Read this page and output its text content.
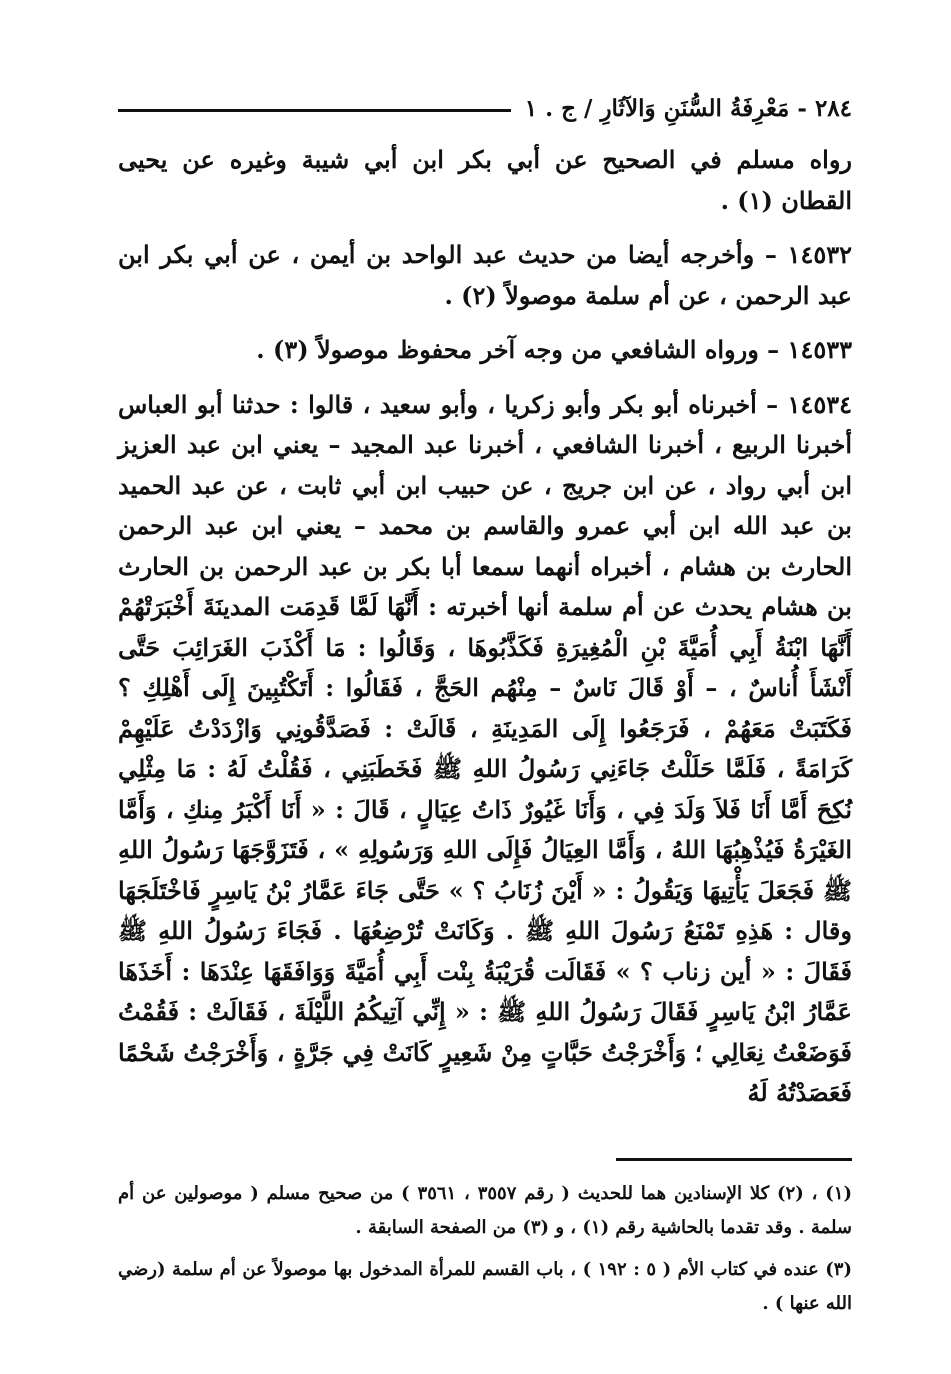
٢٨٤
- مَعْرِفَةُ السُّنَنِ وَالآثَارِ / ج . ١

رواه مسلم في الصحيح عن أبي بكر ابن أبي شيبة وغيره عن يحيى القطان (١) .

١٤٥٣٢ – وأخرجه أيضا من حديث عبد الواحد بن أيمن ، عن أبي بكر ابن عبد الرحمن ، عن أم سلمة موصولاً (٢) .

١٤٥٣٣ – ورواه الشافعي من وجه آخر محفوظ موصولاً (٣) .

١٤٥٣٤ – أخبرناه أبو بكر وأبو زكريا ، وأبو سعيد ، قالوا : حدثنا أبو العباس أخبرنا الربيع ، أخبرنا الشافعي ، أخبرنا عبد المجيد – يعني ابن عبد العزيز ابن أبي رواد ، عن ابن جريج ، عن حبيب ابن أبي ثابت ، عن عبد الحميد بن عبد الله ابن أبي عمرو والقاسم بن محمد – يعني ابن عبد الرحمن الحارث بن هشام ، أخبراه أنهما سمعا أبا بكر بن عبد الرحمن بن الحارث بن هشام يحدث عن أم سلمة أنها أخبرته : أَنَّهَا لَمَّا قَدِمَت المدينَةَ أَخْبَرَتْهُمْ أَنَّهَا ابْنَةُ أَبِي أُمَيَّةَ بْنِ الْمُغِيرَةِ فَكَذَّبُوهَا ، وَقَالُوا : مَا أَكْذَبَ الغَرَائِبَ حَتَّى أَنْشَأَ أُناسٌ ، – أَوْ قَالَ نَاسٌ – مِنْهُم الحَجَّ ، فَقَالُوا : أَتَكْتُبِينَ إِلَى أَهْلِكِ ؟ فَكَتَبَتْ مَعَهُمْ ، فَرَجَعُوا إِلَى المَدِينَةِ ، قَالَتْ : فَصَدَّقُونِي وَازْدَدْتُ عَلَيْهِمْ كَرَامَةً ، فَلَمَّا حَلَلْتُ جَاءَنِي رَسُولُ اللهِ ﷺ فَخَطَبَنِي ، فَقُلْتُ لَهُ : مَا مِثْلِي نُكِحَ أَمَّا أَنَا فَلاَ وَلَدَ فِي ، وَأَنَا غَيُورٌ ذَاتُ عِيَالٍ ، قَالَ : « أَنَا أَكْبَرُ مِنكِ ، وَأَمَّا الغَيْرَةُ فَيُذْهِبُهَا اللهُ ، وَأَمَّا العِيَالُ فَإِلَى اللهِ وَرَسُولِهِ » ، فَتَزَوَّجَهَا رَسُولُ اللهِ ﷺ فَجَعَلَ يَأْتِيهَا وَيَقُولُ : « أَيْنَ زُنَابُ ؟ » حَتَّى جَاءَ عَمَّارُ بْنُ يَاسِرٍ فَاخْتَلَجَهَا وقال : هَذِهِ تَمْنَعُ رَسُولَ اللهِ ﷺ . وَكَانَتْ تُرْضِعُهَا . فَجَاءَ رَسُولُ اللهِ ﷺ فَقَالَ : « أين زناب ؟ » فَقَالَت قُرَيْبَةُ بِنْت أَبِي أُمَيَّةَ وَوَافَقَهَا عِنْدَهَا : أَخَذَهَا عَمَّارُ ابْنُ يَاسِرٍ فَقَالَ رَسُولُ اللهِ ﷺ : « إِنِّي آتِيكُمُ اللَّيْلَةَ ، فَقَالَتْ : فَقُمْتُ فَوَضَعْتُ نِعَالِي ؛ وَأَخْرَجْتُ حَبَّاتٍ مِنْ شَعِيرٍ كَانَتْ فِي جَرَّةٍ ، وَأَخْرَجْتُ شَحْمًا فَعَصَدْتُهُ لَهُ

(١) ، (٢) كلا الإسنادين هما للحديث ( رقم ٣٥٥٧ ، ٣٥٦١ ) من صحيح مسلم ( موصولين عن أم سلمة . وقد تقدما بالحاشية رقم (١) ، و (٣) من الصفحة السابقة .

(٣) عنده في كتاب الأم ( ٥ : ١٩٢ ) ، باب القسم للمرأة المدخول بها موصولاً عن أم سلمة (رضي الله عنها ) .
